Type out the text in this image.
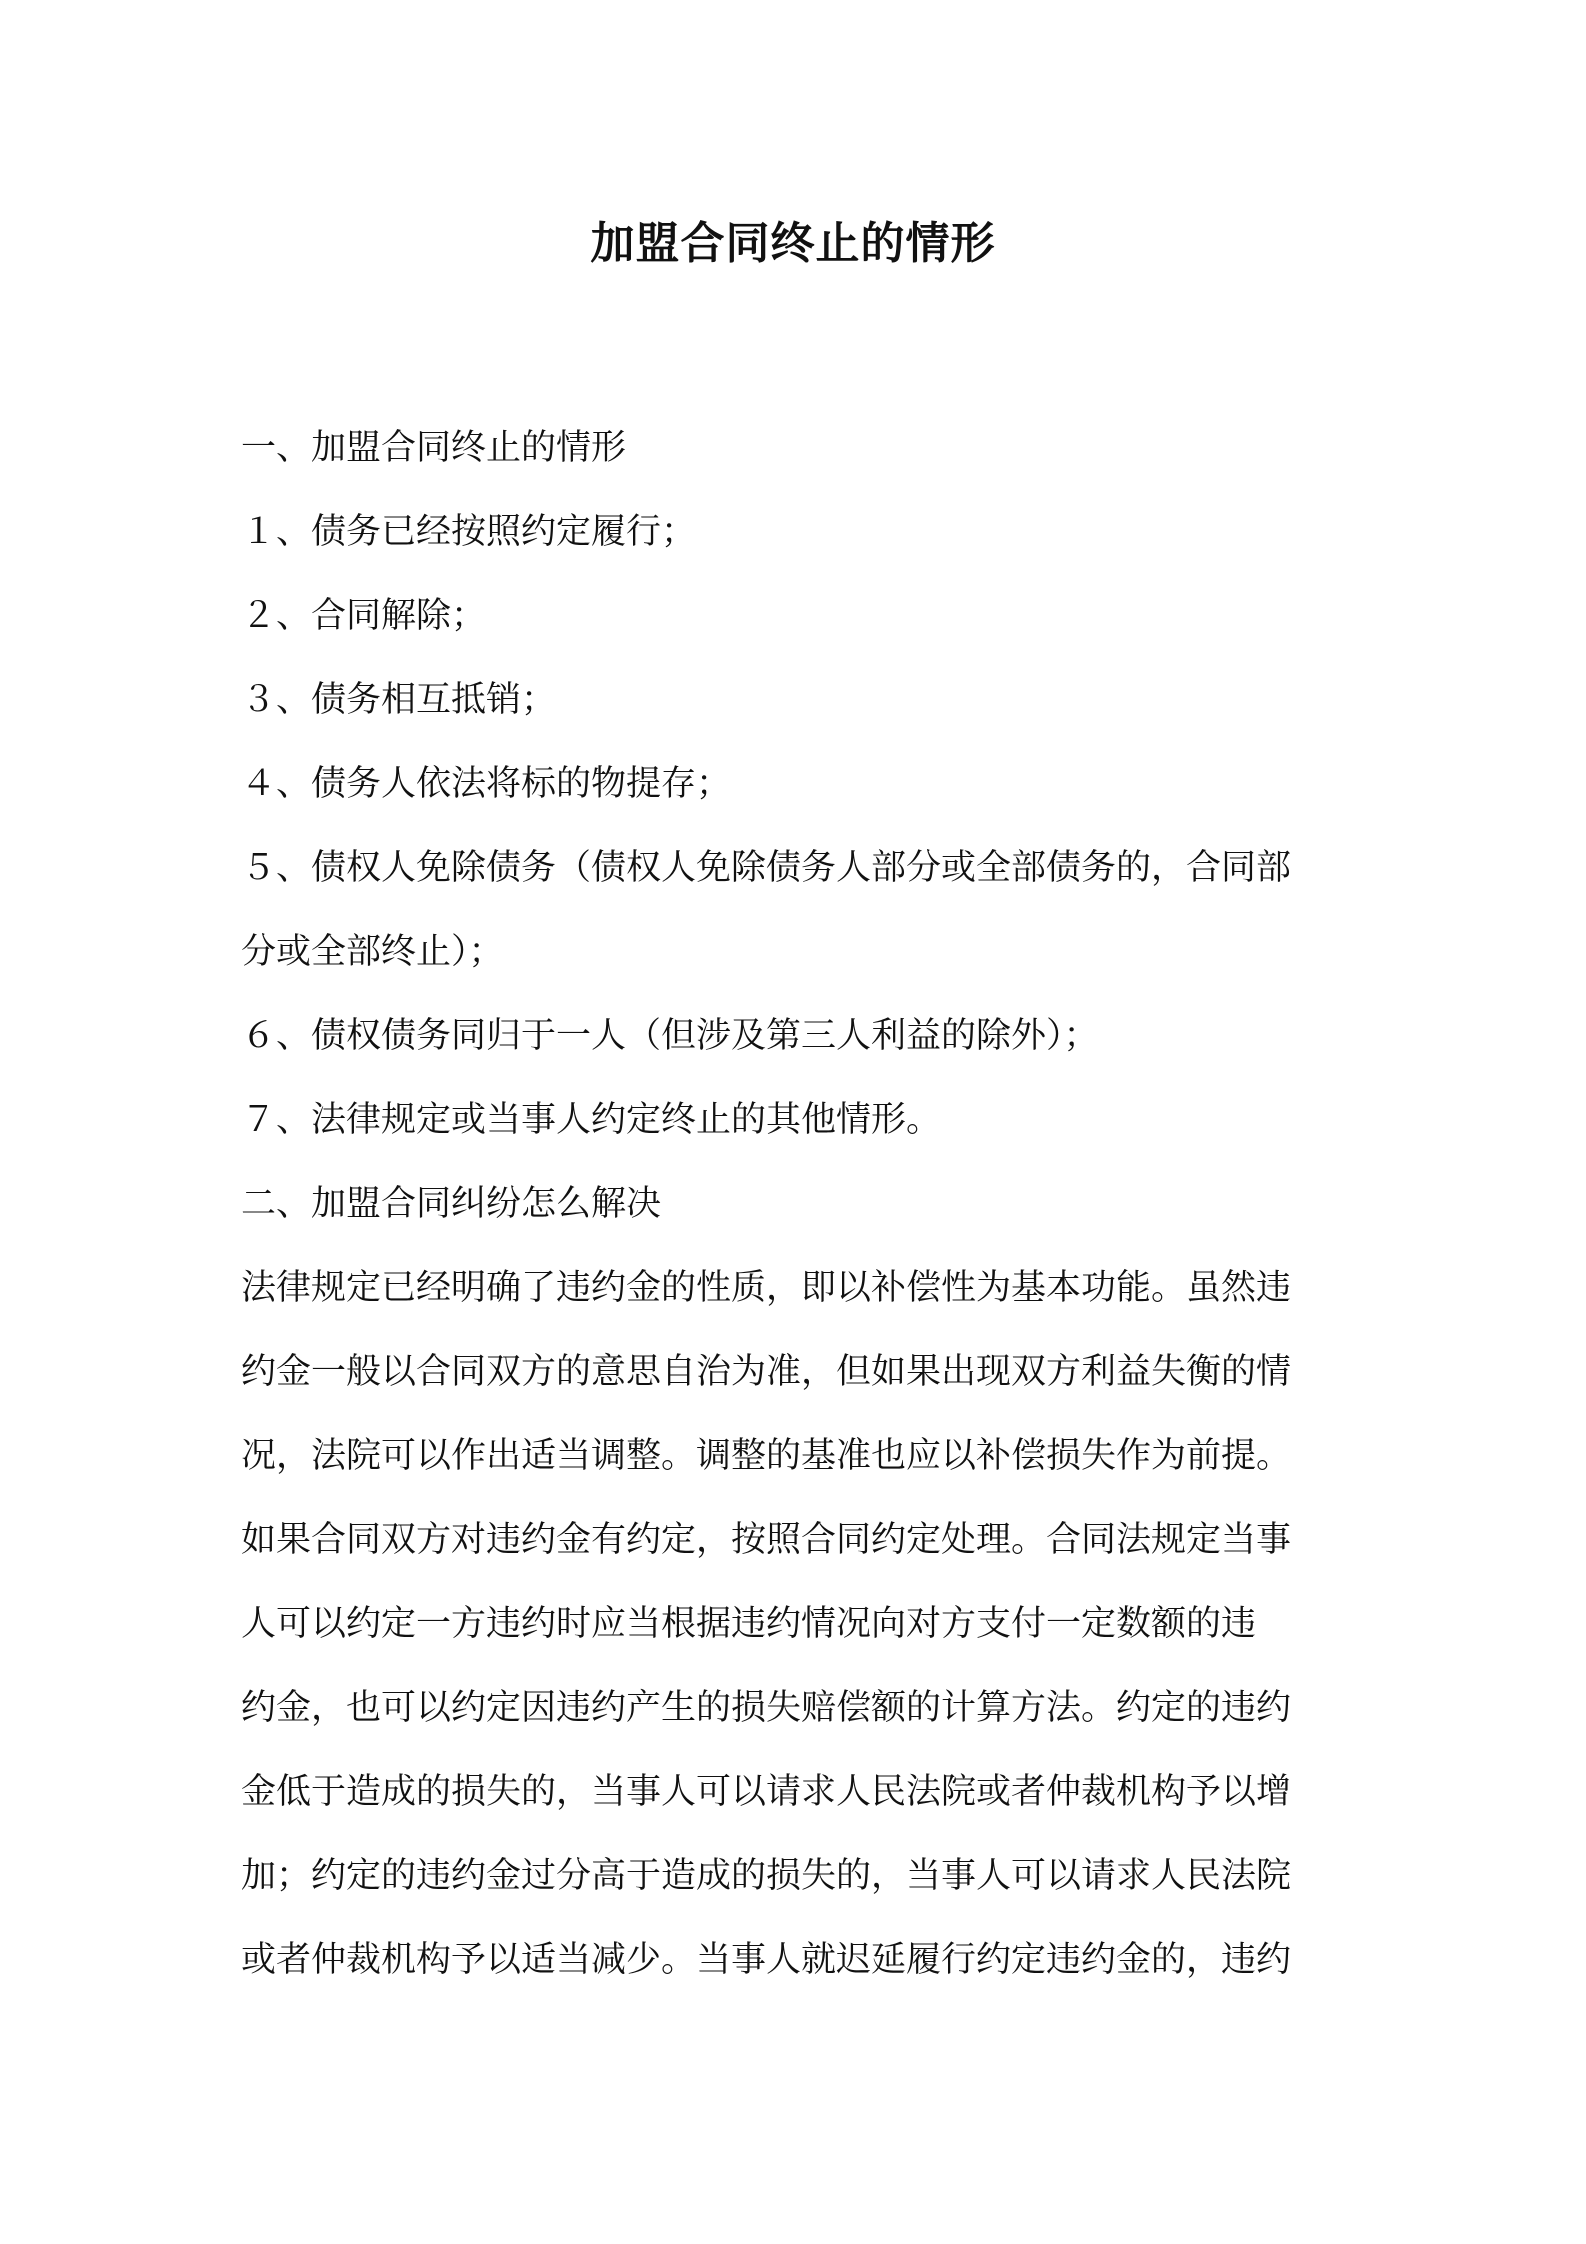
加盟合同终止的情形
一、加盟合同终止的情形
１、债务已经按照约定履行；
２、合同解除；
３、债务相互抵销；
４、债务人依法将标的物提存；
５、债权人免除债务（债权人免除债务人部分或全部债务的，合同部
分或全部终止）；
６、债权债务同归于一人（但涉及第三人利益的除外）；
７、法律规定或当事人约定终止的其他情形。
二、加盟合同纠纷怎么解决
法律规定已经明确了违约金的性质，即以补偿性为基本功能。虽然违
约金一般以合同双方的意思自治为准，但如果出现双方利益失衡的情
况，法院可以作出适当调整。调整的基准也应以补偿损失作为前提。
如果合同双方对违约金有约定，按照合同约定处理。合同法规定当事
人可以约定一方违约时应当根据违约情况向对方支付一定数额的违
约金，也可以约定因违约产生的损失赔偿额的计算方法。约定的违约
金低于造成的损失的，当事人可以请求人民法院或者仲裁机构予以增
加；约定的违约金过分高于造成的损失的，当事人可以请求人民法院
或者仲裁机构予以适当减少。当事人就迟延履行约定违约金的，违约
